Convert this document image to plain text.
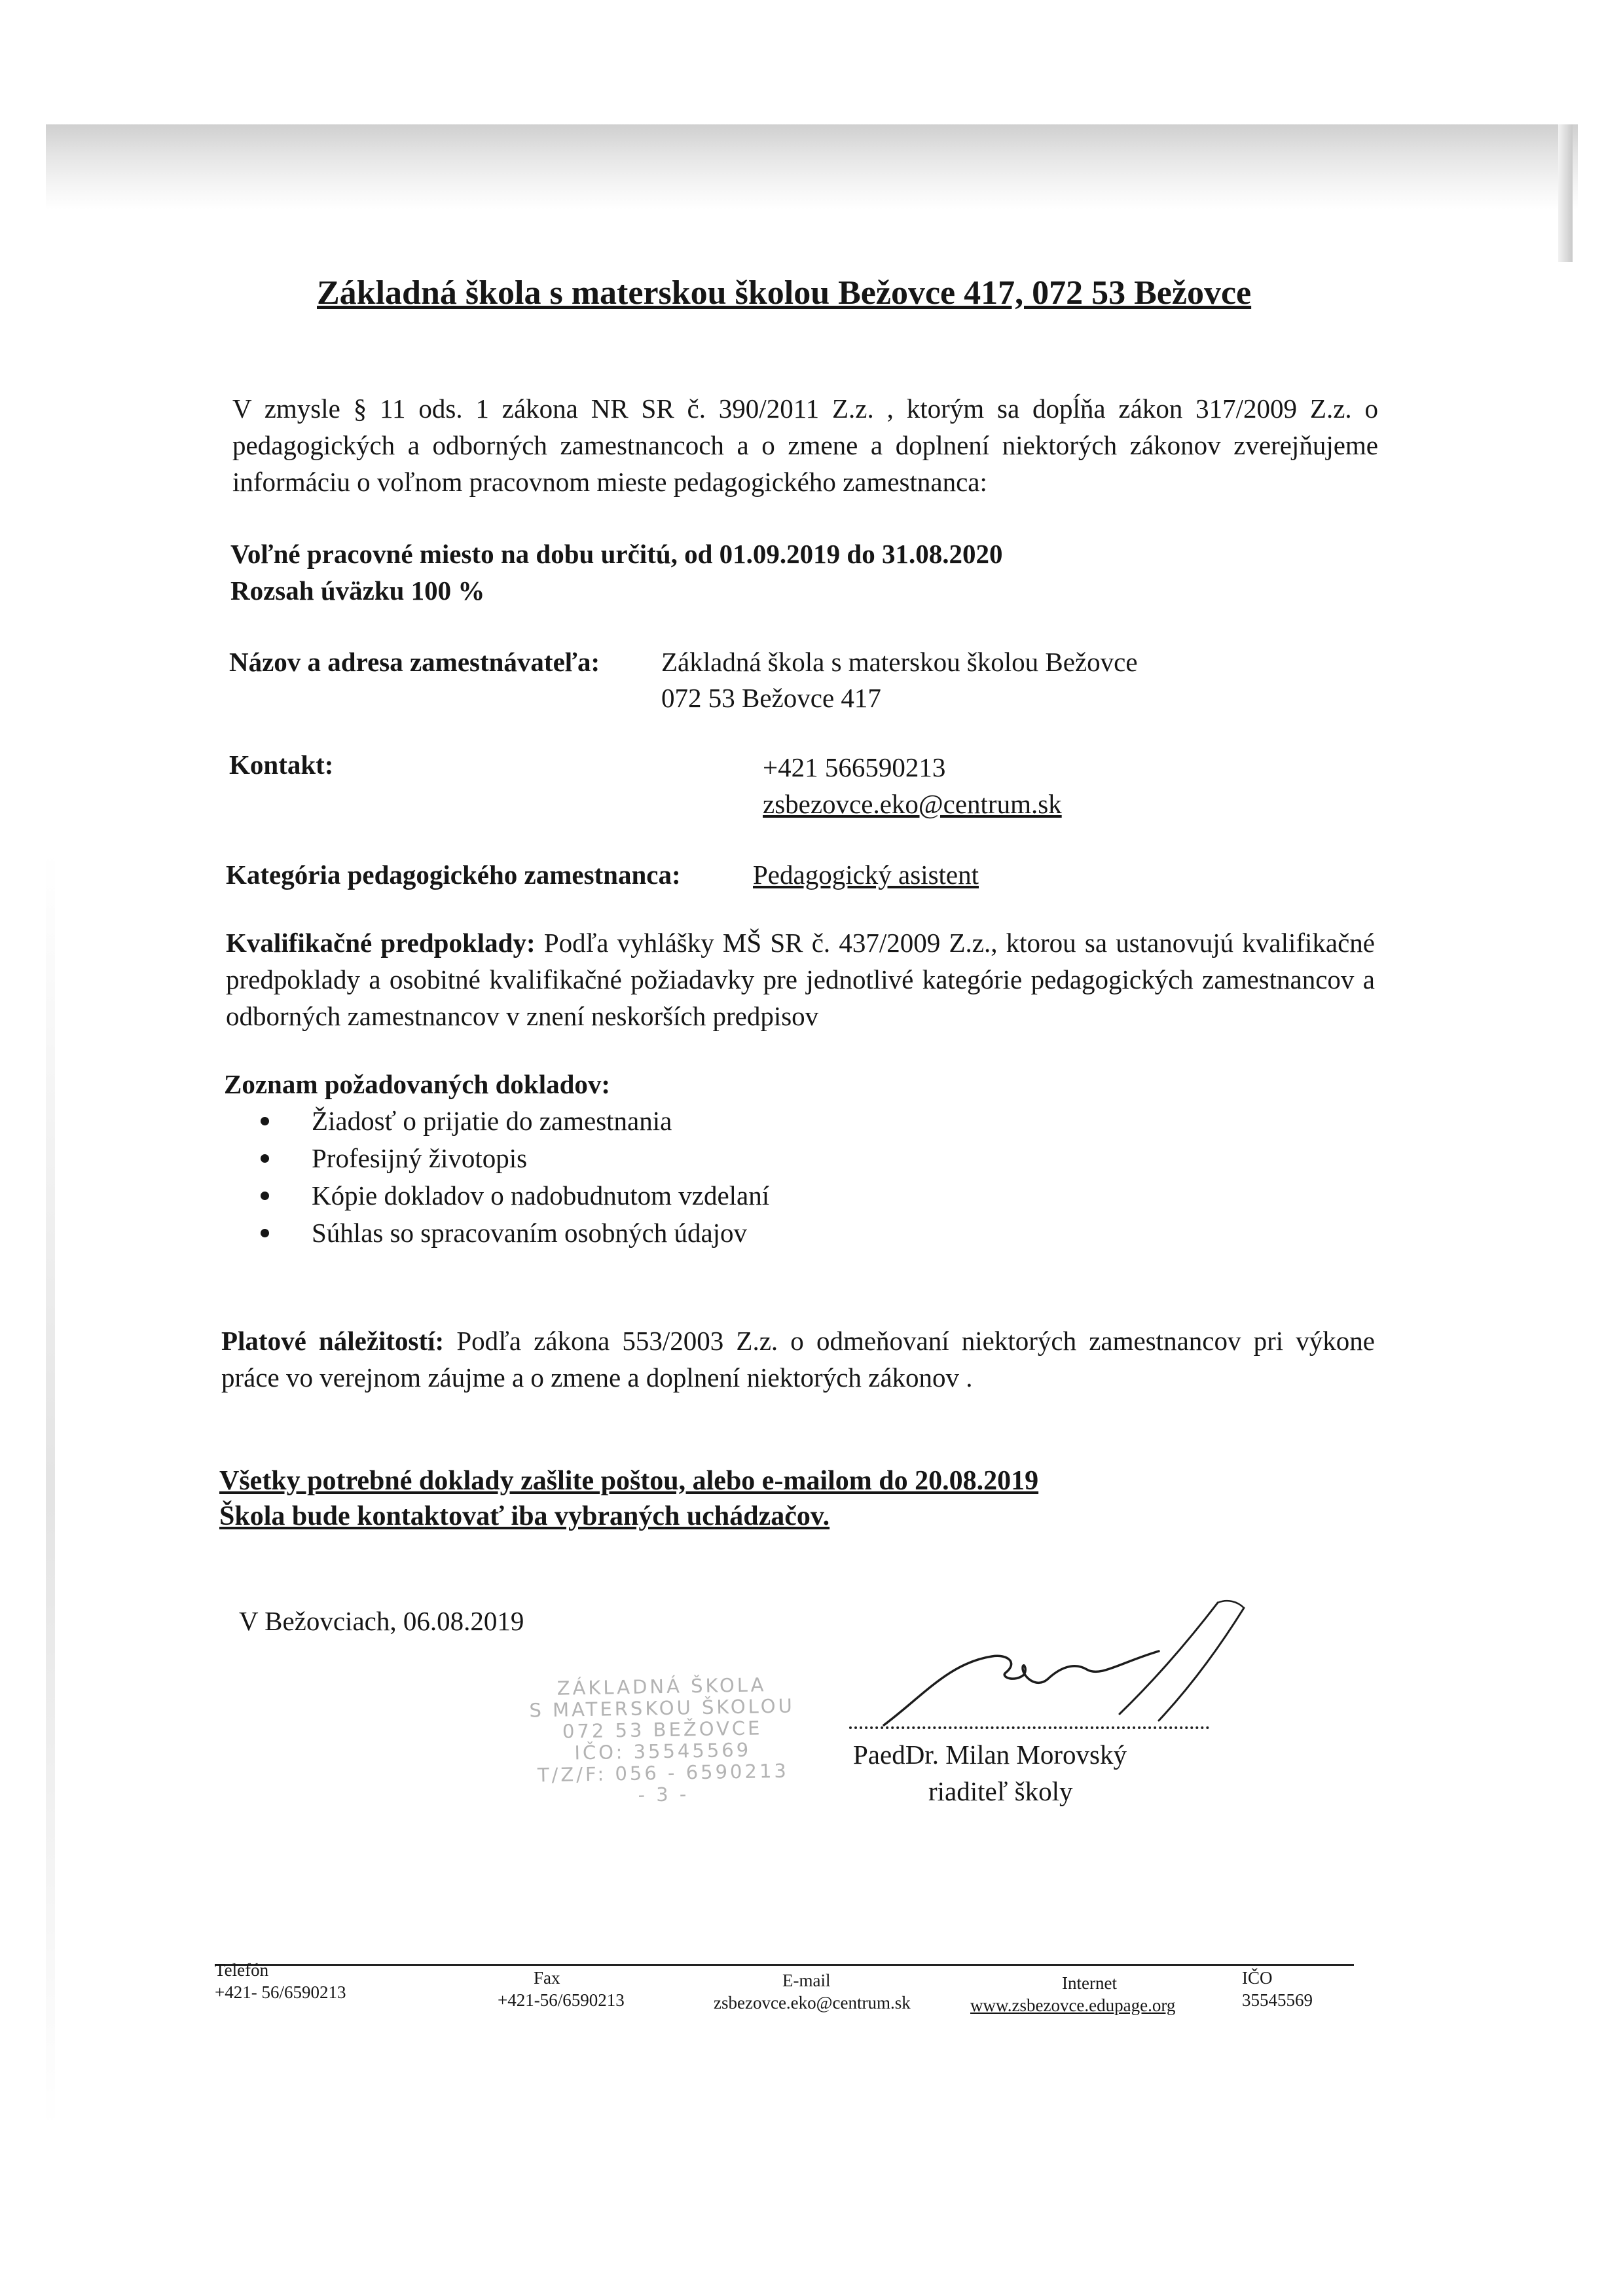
Základná škola s materskou školou Bežovce 417, 072 53 Bežovce
V zmysle § 11 ods. 1 zákona NR SR č. 390/2011 Z.z. , ktorým sa dopĺňa zákon 317/2009 Z.z. o pedagogických a odborných zamestnancoch a o zmene a doplnení niektorých zákonov zverejňujeme informáciu o voľnom pracovnom mieste pedagogického zamestnanca:
Voľné pracovné miesto na dobu určitú, od 01.09.2019 do 31.08.2020
Rozsah úväzku 100 %
Názov a adresa zamestnávateľa: Základná škola s materskou školou Bežovce
072 53 Bežovce 417
Kontakt:	+421 566590213
zsbezovce.eko@centrum.sk
Kategória pedagogického zamestnanca:	Pedagogický asistent
Kvalifikačné predpoklady: Podľa vyhlášky MŠ SR č. 437/2009 Z.z., ktorou sa ustanovujú kvalifikačné predpoklady a osobitné kvalifikačné požiadavky pre jednotlivé kategórie pedagogických zamestnancov a odborných zamestnancov v znení neskorších predpisov
Zoznam požadovaných dokladov:
Žiadosť o prijatie do zamestnania
Profesijný životopis
Kópie dokladov o nadobudnutom vzdelaní
Súhlas so spracovaním osobných údajov
Platové náležitostí: Podľa zákona 553/2003 Z.z. o odmeňovaní niektorých zamestnancov pri výkone práce vo verejnom záujme a o zmene a doplnení niektorých zákonov .
Všetky potrebné doklady zašlite poštou, alebo e-mailom do 20.08.2019
Škola bude kontaktovať iba vybraných uchádzačov.
V Bežovciach, 06.08.2019
ZÁKLADNÁ ŠKOLA
S MATERSKOU ŠKOLOU
072 53 BEŽOVCE
IČO: 35545569
T/Z/F: 056 - 6590213
- 3 -
PaedDr. Milan Morovský
riaditeľ školy
Telefón
+421- 56/6590213
Fax
+421-56/6590213
E-mail
zsbezovce.eko@centrum.sk
Internet
www.zsbezovce.edupage.org
IČO
35545569
